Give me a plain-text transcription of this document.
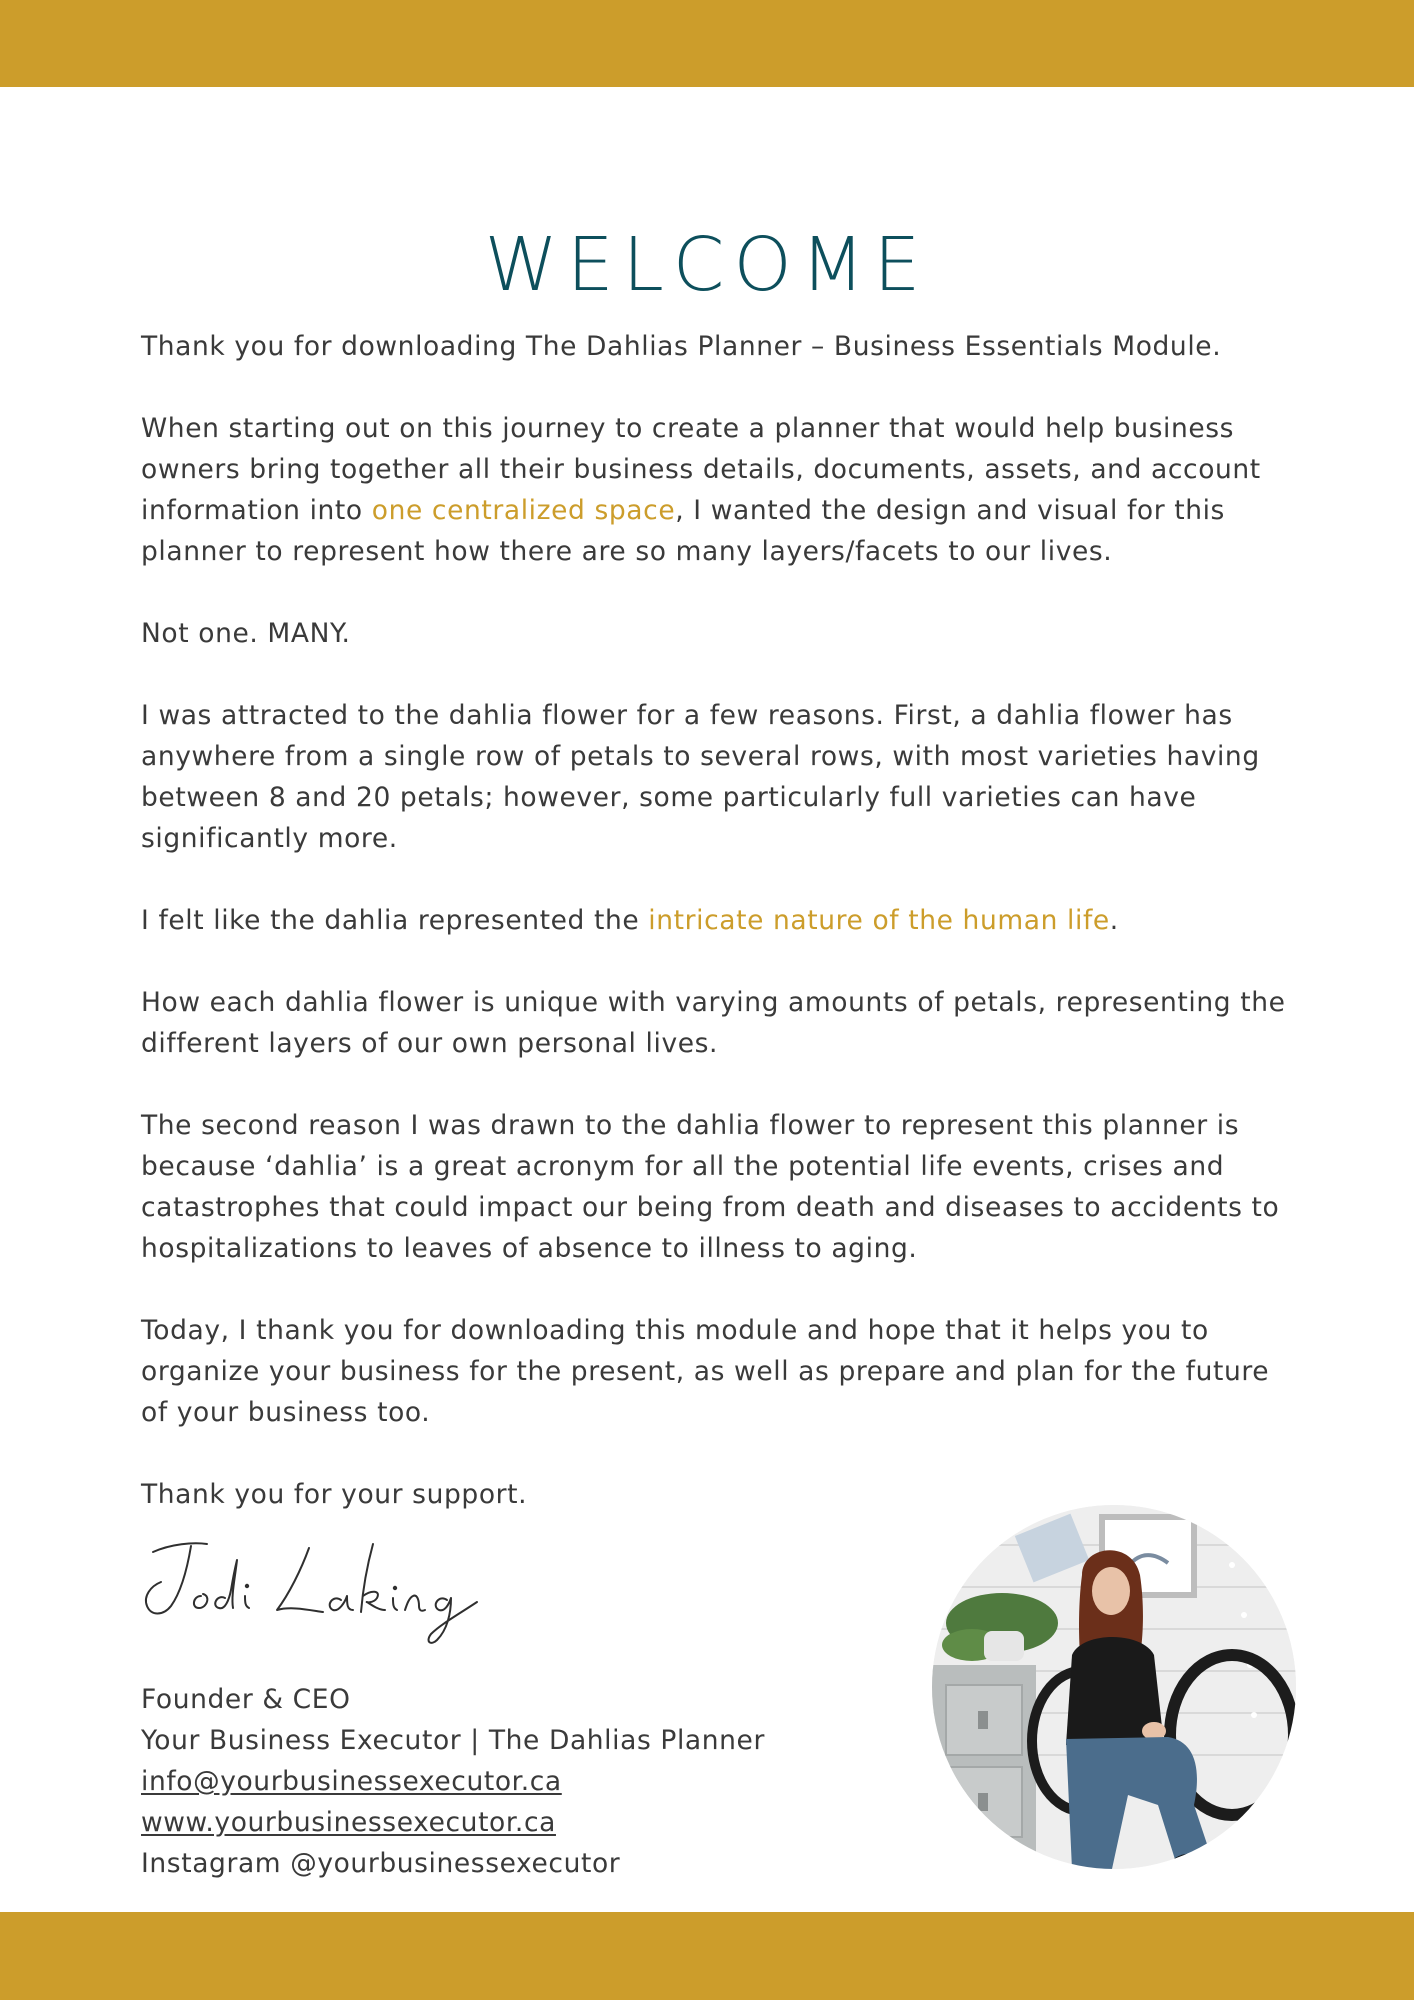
WELCOME

Thank you for downloading The Dahlias Planner – Business Essentials Module.

When starting out on this journey to create a planner that would help business owners bring together all their business details, documents, assets, and account information into one centralized space, I wanted the design and visual for this planner to represent how there are so many layers/facets to our lives.

Not one. MANY.

I was attracted to the dahlia flower for a few reasons. First, a dahlia flower has anywhere from a single row of petals to several rows, with most varieties having between 8 and 20 petals; however, some particularly full varieties can have significantly more.

I felt like the dahlia represented the intricate nature of the human life.

How each dahlia flower is unique with varying amounts of petals, representing the different layers of our own personal lives.

The second reason I was drawn to the dahlia flower to represent this planner is because ‘dahlia’ is a great acronym for all the potential life events, crises and catastrophes that could impact our being from death and diseases to accidents to hospitalizations to leaves of absence to illness to aging.

Today, I thank you for downloading this module and hope that it helps you to organize your business for the present, as well as prepare and plan for the future of your business too.

Thank you for your support.

Founder & CEO
Your Business Executor | The Dahlias Planner
info@yourbusinessexecutor.ca
www.yourbusinessexecutor.ca
Instagram @yourbusinessexecutor
